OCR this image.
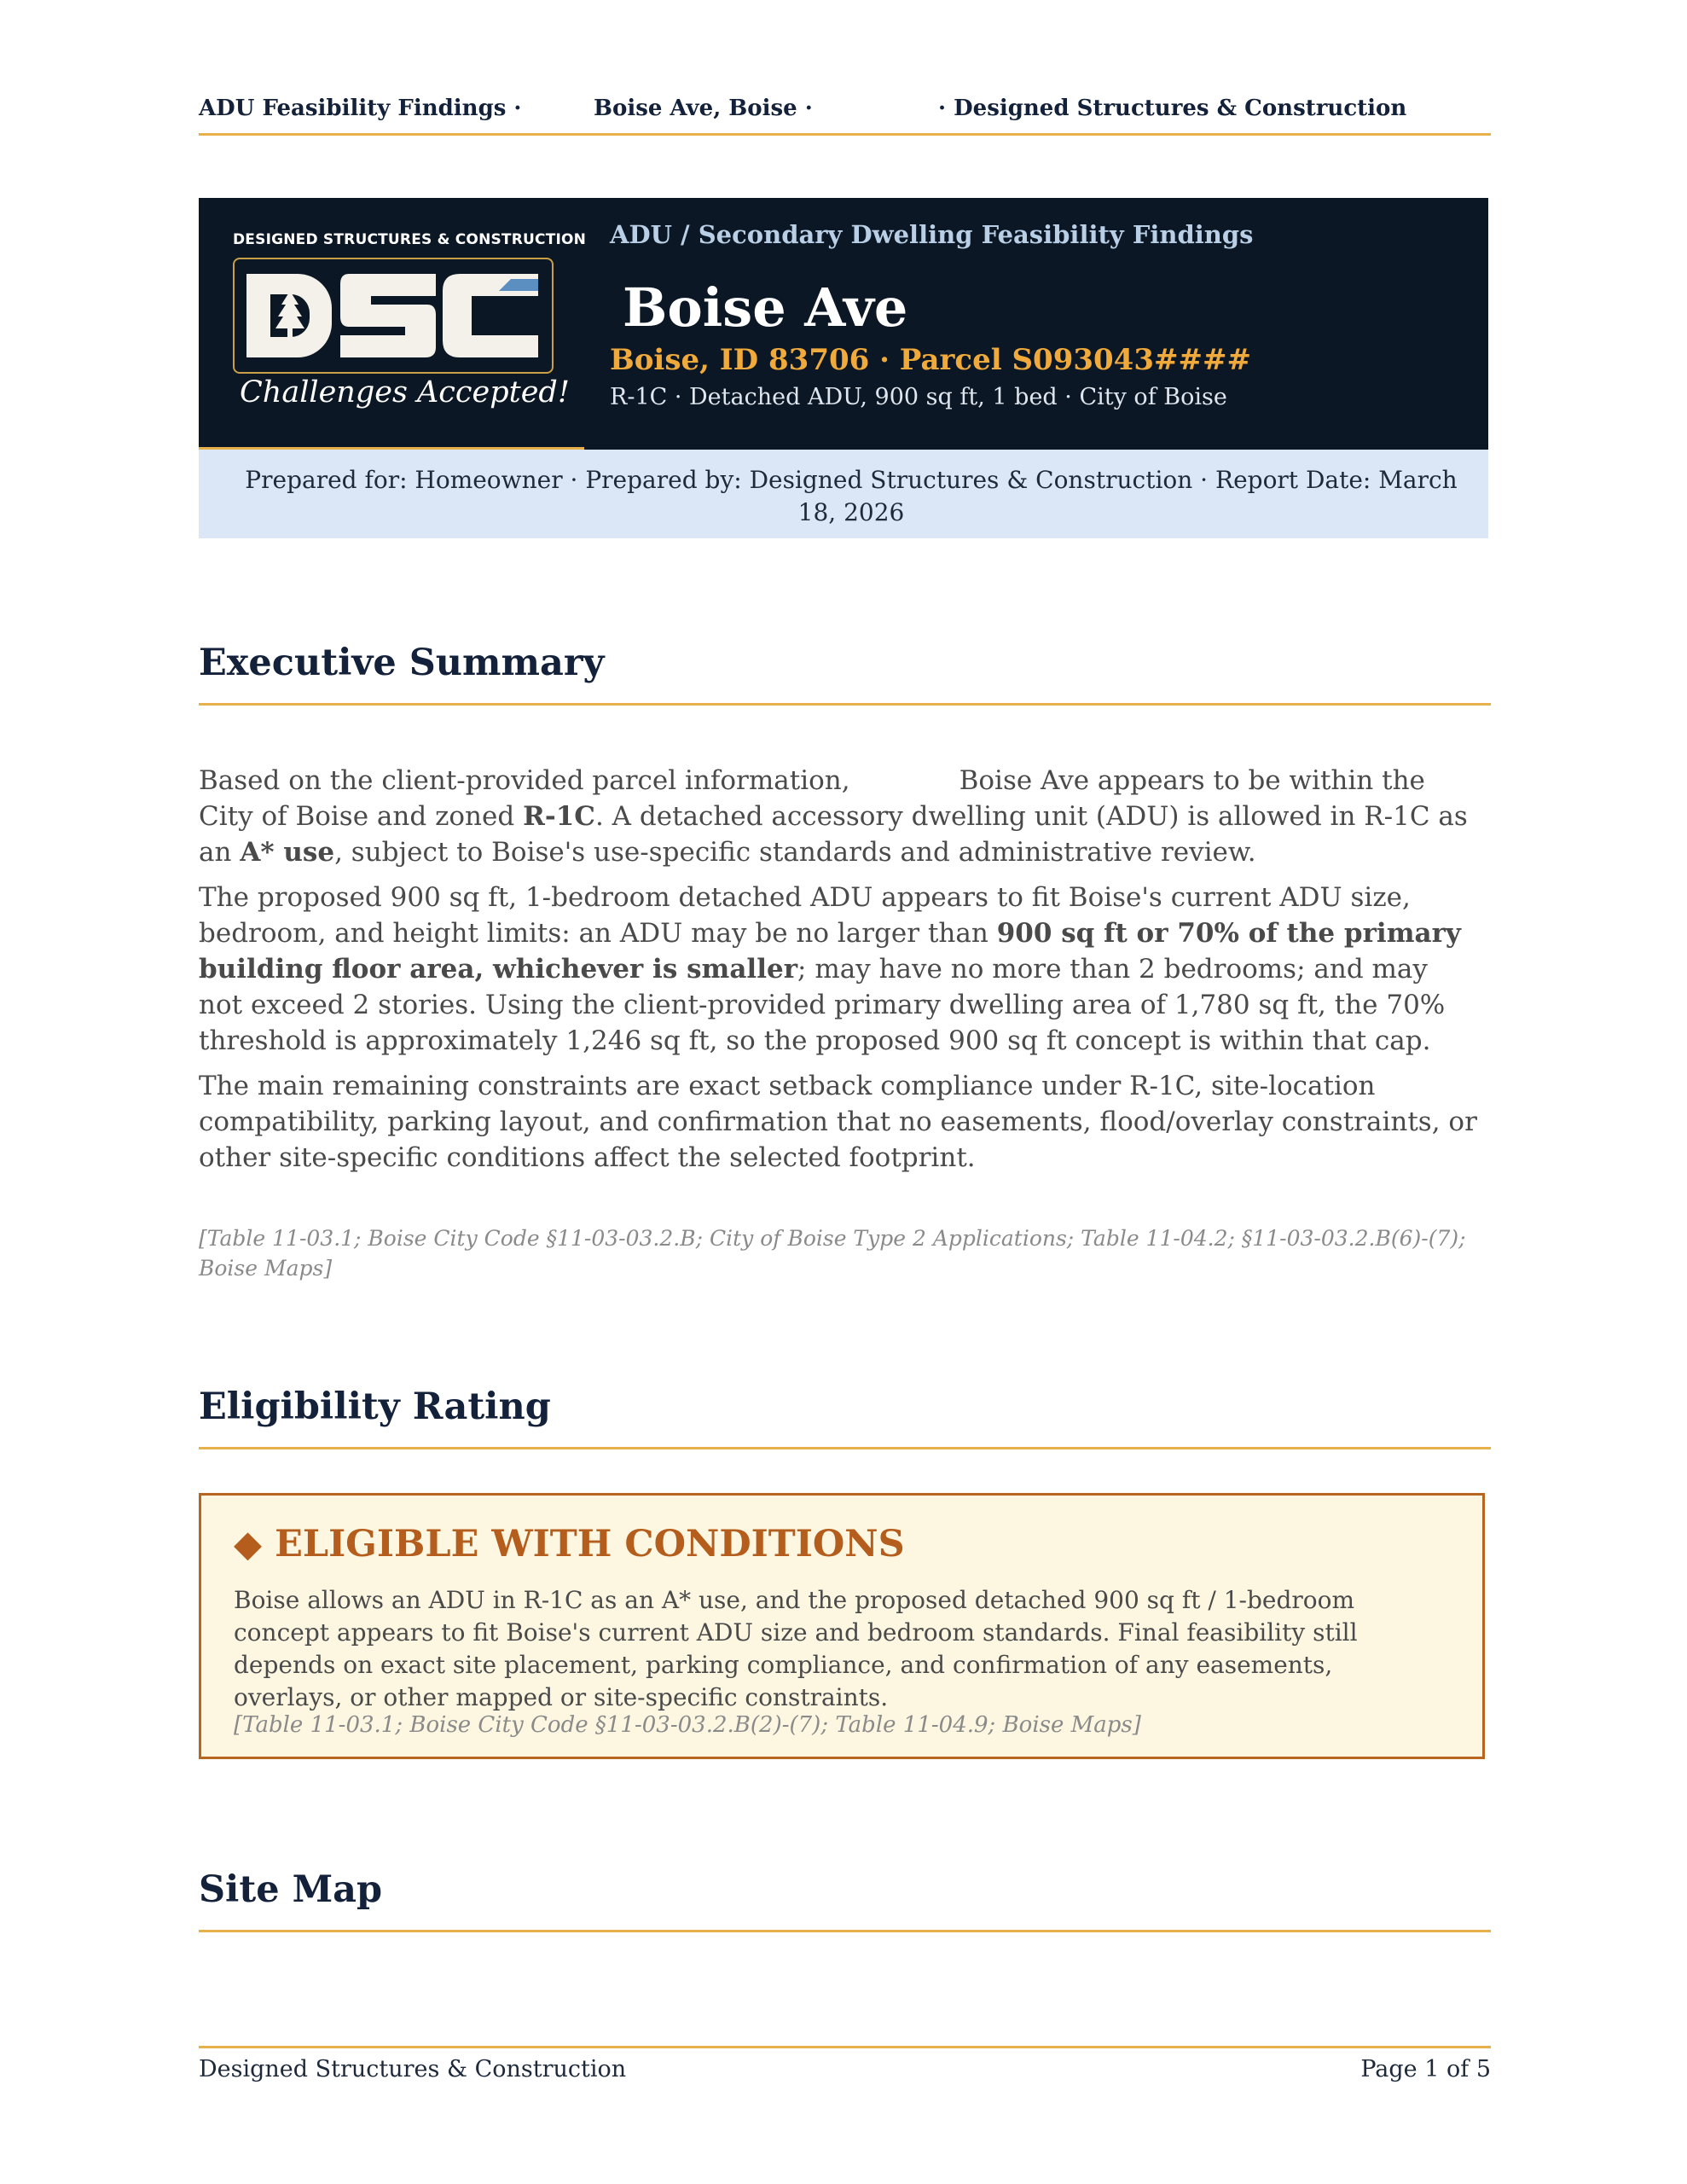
ADU Feasibility Findings ·	Boise Ave, Boise ·	· Designed Structures & Construction
DESIGNED STRUCTURES & CONSTRUCTION
Challenges Accepted!
ADU / Secondary Dwelling Feasibility Findings
Boise Ave
Boise, ID 83706 · Parcel S093043####
R-1C · Detached ADU, 900 sq ft, 1 bed · City of Boise
Prepared for: Homeowner · Prepared by: Designed Structures & Construction · Report Date: March 18, 2026
Executive Summary
Based on the client-provided parcel information,	Boise Ave appears to be within the City of Boise and zoned R-1C. A detached accessory dwelling unit (ADU) is allowed in R-1C as an A* use, subject to Boise's use-specific standards and administrative review.
The proposed 900 sq ft, 1-bedroom detached ADU appears to fit Boise's current ADU size, bedroom, and height limits: an ADU may be no larger than 900 sq ft or 70% of the primary building floor area, whichever is smaller; may have no more than 2 bedrooms; and may not exceed 2 stories. Using the client-provided primary dwelling area of 1,780 sq ft, the 70% threshold is approximately 1,246 sq ft, so the proposed 900 sq ft concept is within that cap.
The main remaining constraints are exact setback compliance under R-1C, site-location compatibility, parking layout, and confirmation that no easements, flood/overlay constraints, or other site-specific conditions affect the selected footprint.
[Table 11-03.1; Boise City Code §11-03-03.2.B; City of Boise Type 2 Applications; Table 11-04.2; §11-03-03.2.B(6)-(7); Boise Maps]
Eligibility Rating
◆ ELIGIBLE WITH CONDITIONS
Boise allows an ADU in R-1C as an A* use, and the proposed detached 900 sq ft / 1-bedroom concept appears to fit Boise's current ADU size and bedroom standards. Final feasibility still depends on exact site placement, parking compliance, and confirmation of any easements, overlays, or other mapped or site-specific constraints.
[Table 11-03.1; Boise City Code §11-03-03.2.B(2)-(7); Table 11-04.9; Boise Maps]
Site Map
Designed Structures & Construction	Page 1 of 5
